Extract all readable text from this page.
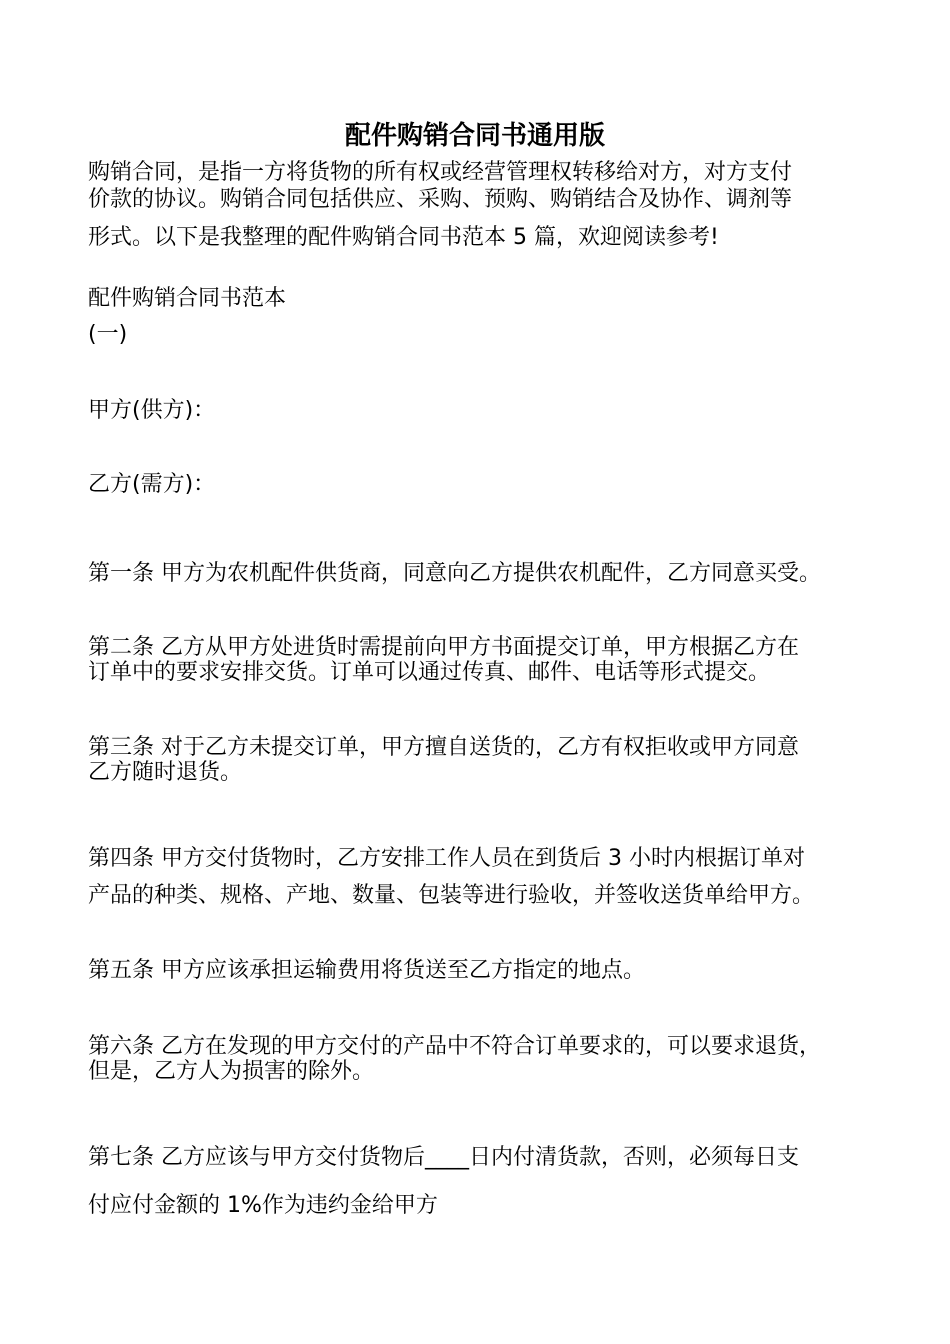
配件购销合同书通用版
购销合同，是指一方将货物的所有权或经营管理权转移给对方，对方支付
价款的协议。购销合同包括供应、采购、预购、购销结合及协作、调剂等
形式。以下是我整理的配件购销合同书范本 5 篇，欢迎阅读参考!
配件购销合同书范本
(一)
甲方(供方)：
乙方(需方)：
第一条 甲方为农机配件供货商，同意向乙方提供农机配件，乙方同意买受。
第二条 乙方从甲方处进货时需提前向甲方书面提交订单，甲方根据乙方在
订单中的要求安排交货。订单可以通过传真、邮件、电话等形式提交。
第三条 对于乙方未提交订单，甲方擅自送货的，乙方有权拒收或甲方同意
乙方随时退货。
第四条 甲方交付货物时，乙方安排工作人员在到货后 3 小时内根据订单对
产品的种类、规格、产地、数量、包装等进行验收，并签收送货单给甲方。
第五条 甲方应该承担运输费用将货送至乙方指定的地点。
第六条 乙方在发现的甲方交付的产品中不符合订单要求的，可以要求退货，
但是，乙方人为损害的除外。
第七条 乙方应该与甲方交付货物后____日内付清货款，否则，必须每日支
付应付金额的 1%作为违约金给甲方
